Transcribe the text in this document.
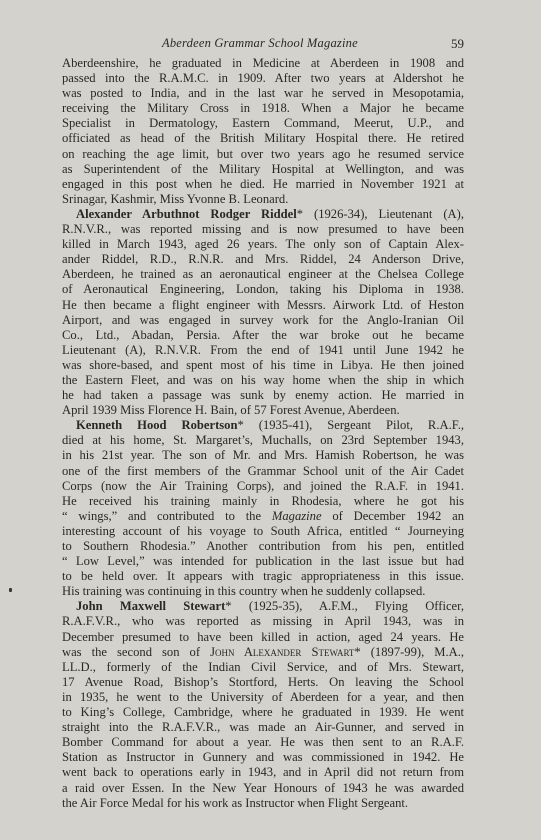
Aberdeen Grammar School Magazine	59
Aberdeenshire, he graduated in Medicine at Aberdeen in 1908 and
passed into the R.A.M.C. in 1909. After two years at Aldershot he
was posted to India, and in the last war he served in Mesopotamia,
receiving the Military Cross in 1918. When a Major he became
Specialist in Dermatology, Eastern Command, Meerut, U.P., and
officiated as head of the British Military Hospital there. He retired
on reaching the age limit, but over two years ago he resumed service
as Superintendent of the Military Hospital at Wellington, and was
engaged in this post when he died. He married in November 1921 at
Srinagar, Kashmir, Miss Yvonne B. Leonard.
Alexander Arbuthnot Rodger Riddel* (1926-34), Lieutenant (A),
R.N.V.R., was reported missing and is now presumed to have been
killed in March 1943, aged 26 years. The only son of Captain Alex-
ander Riddel, R.D., R.N.R. and Mrs. Riddel, 24 Anderson Drive,
Aberdeen, he trained as an aeronautical engineer at the Chelsea College
of Aeronautical Engineering, London, taking his Diploma in 1938.
He then became a flight engineer with Messrs. Airwork Ltd. of Heston
Airport, and was engaged in survey work for the Anglo-Iranian Oil
Co., Ltd., Abadan, Persia. After the war broke out he became
Lieutenant (A), R.N.V.R. From the end of 1941 until June 1942 he
was shore-based, and spent most of his time in Libya. He then joined
the Eastern Fleet, and was on his way home when the ship in which
he had taken a passage was sunk by enemy action. He married in
April 1939 Miss Florence H. Bain, of 57 Forest Avenue, Aberdeen.
Kenneth Hood Robertson* (1935-41), Sergeant Pilot, R.A.F.,
died at his home, St. Margaret’s, Muchalls, on 23rd September 1943,
in his 21st year. The son of Mr. and Mrs. Hamish Robertson, he was
one of the first members of the Grammar School unit of the Air Cadet
Corps (now the Air Training Corps), and joined the R.A.F. in 1941.
He received his training mainly in Rhodesia, where he got his
“ wings,” and contributed to the Magazine of December 1942 an
interesting account of his voyage to South Africa, entitled “ Journeying
to Southern Rhodesia.” Another contribution from his pen, entitled
“ Low Level,” was intended for publication in the last issue but had
to be held over. It appears with tragic appropriateness in this issue.
His training was continuing in this country when he suddenly collapsed.
John Maxwell Stewart* (1925-35), A.F.M., Flying Officer,
R.A.F.V.R., who was reported as missing in April 1943, was in
December presumed to have been killed in action, aged 24 years. He
was the second son of John Alexander Stewart* (1897-99), M.A.,
LL.D., formerly of the Indian Civil Service, and of Mrs. Stewart,
17 Avenue Road, Bishop’s Stortford, Herts. On leaving the School
in 1935, he went to the University of Aberdeen for a year, and then
to King’s College, Cambridge, where he graduated in 1939. He went
straight into the R.A.F.V.R., was made an Air-Gunner, and served in
Bomber Command for about a year. He was then sent to an R.A.F.
Station as Instructor in Gunnery and was commissioned in 1942. He
went back to operations early in 1943, and in April did not return from
a raid over Essen. In the New Year Honours of 1943 he was awarded
the Air Force Medal for his work as Instructor when Flight Sergeant.
